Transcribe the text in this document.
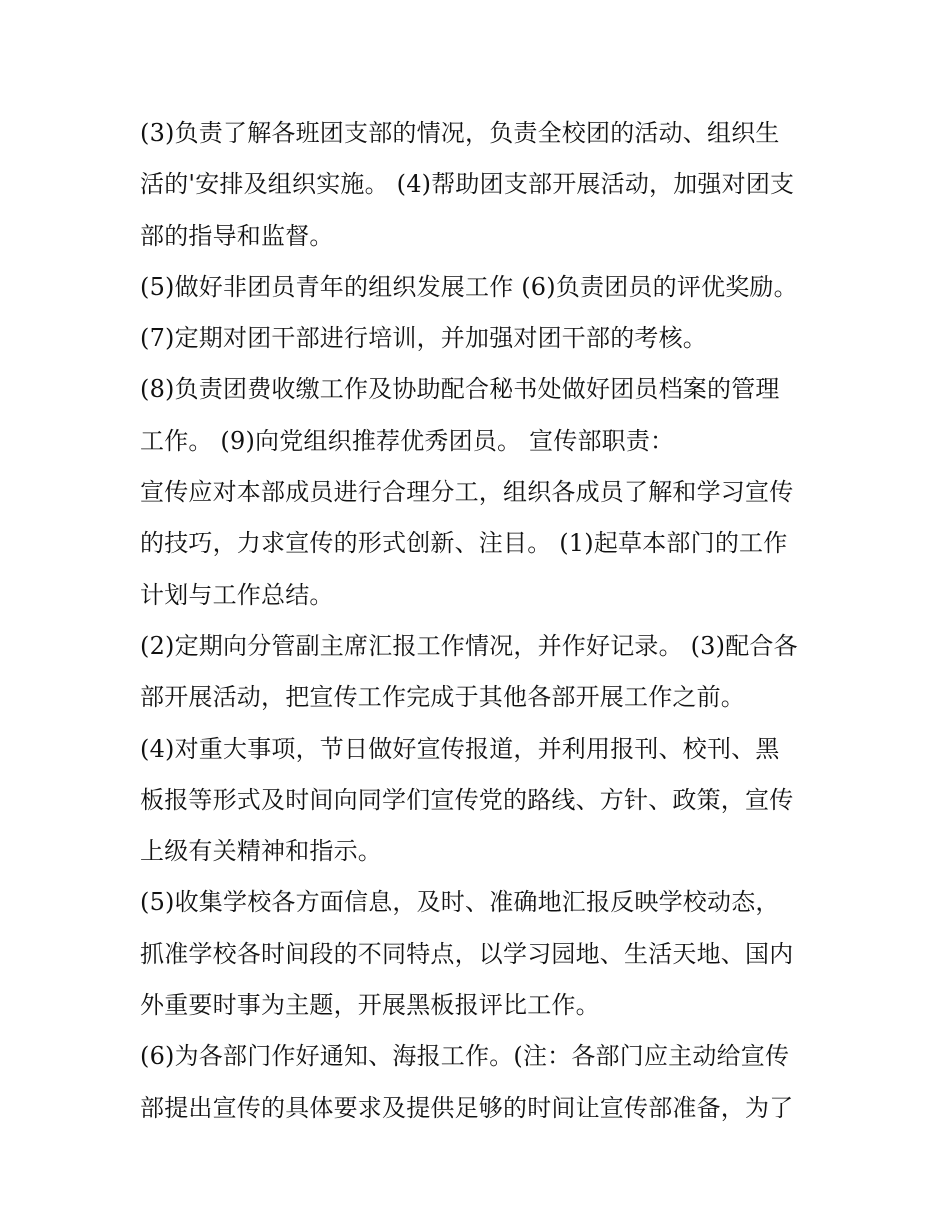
(3)负责了解各班团支部的情况，负责全校团的活动、组织生
活的'安排及组织实施。 (4)帮助团支部开展活动，加强对团支
部的指导和监督。
(5)做好非团员青年的组织发展工作 (6)负责团员的评优奖励。
(7)定期对团干部进行培训，并加强对团干部的考核。
(8)负责团费收缴工作及协助配合秘书处做好团员档案的管理
工作。 (9)向党组织推荐优秀团员。 宣传部职责：
宣传应对本部成员进行合理分工，组织各成员了解和学习宣传
的技巧，力求宣传的形式创新、注目。 (1)起草本部门的工作
计划与工作总结。
(2)定期向分管副主席汇报工作情况，并作好记录。 (3)配合各
部开展活动，把宣传工作完成于其他各部开展工作之前。
(4)对重大事项，节日做好宣传报道，并利用报刊、校刊、黑
板报等形式及时间向同学们宣传党的路线、方针、政策，宣传
上级有关精神和指示。
(5)收集学校各方面信息，及时、准确地汇报反映学校动态，
抓准学校各时间段的不同特点，以学习园地、生活天地、国内
外重要时事为主题，开展黑板报评比工作。
(6)为各部门作好通知、海报工作。(注：各部门应主动给宣传
部提出宣传的具体要求及提供足够的时间让宣传部准备，为了
